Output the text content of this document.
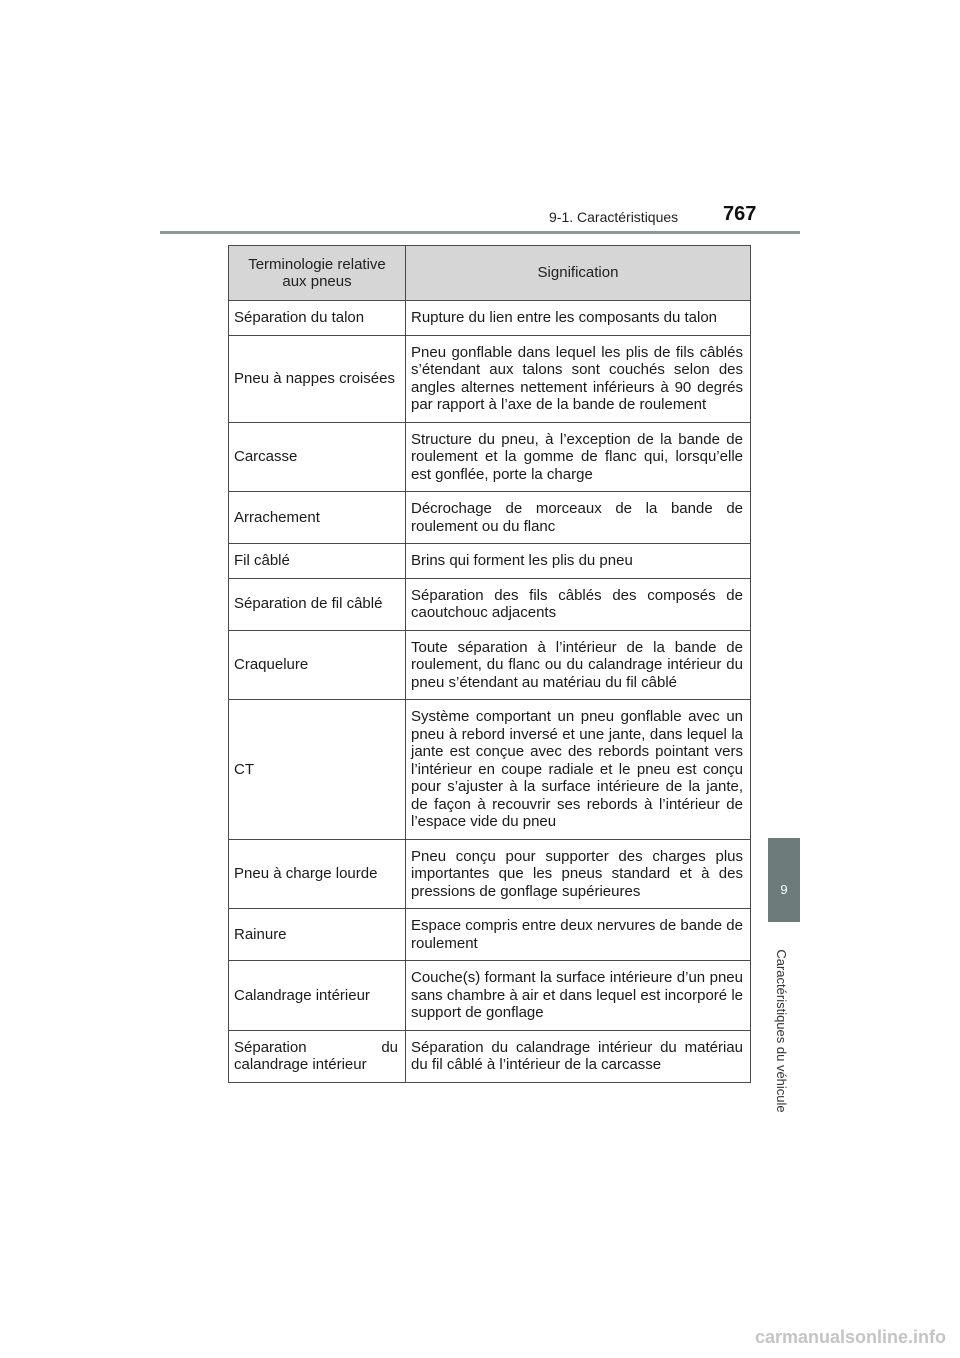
9-1. Caractéristiques 767
9
Caractéristiques du véhicule
Terminologie relative aux pneus	Signification
Séparation du talon	Rupture du lien entre les composants du talon
Pneu à nappes croisées	Pneu gonflable dans lequel les plis de fils câblés s’étendant aux talons sont couchés selon des angles alternes nettement inférieurs à 90 degrés par rapport à l’axe de la bande de roulement
Carcasse	Structure du pneu, à l’exception de la bande de roulement et la gomme de flanc qui, lorsqu’elle est gonflée, porte la charge
Arrachement	Décrochage de morceaux de la bande de roulement ou du flanc
Fil câblé	Brins qui forment les plis du pneu
Séparation de fil câblé	Séparation des fils câblés des composés de caoutchouc adjacents
Craquelure	Toute séparation à l’intérieur de la bande de roulement, du flanc ou du calandrage intérieur du pneu s’étendant au matériau du fil câblé
CT	Système comportant un pneu gonflable avec un pneu à rebord inversé et une jante, dans lequel la jante est conçue avec des rebords pointant vers l’intérieur en coupe radiale et le pneu est conçu pour s’ajuster à la surface intérieure de la jante, de façon à recouvrir ses rebords à l’intérieur de l’espace vide du pneu
Pneu à charge lourde	Pneu conçu pour supporter des charges plus importantes que les pneus standard et à des pressions de gonflage supérieures
Rainure	Espace compris entre deux nervures de bande de roulement
Calandrage intérieur	Couche(s) formant la surface intérieure d’un pneu sans chambre à air et dans lequel est incorporé le support de gonflage
Séparation du calandrage intérieur	Séparation du calandrage intérieur du matériau du fil câblé à l’intérieur de la carcasse
carmanualsonline.info
